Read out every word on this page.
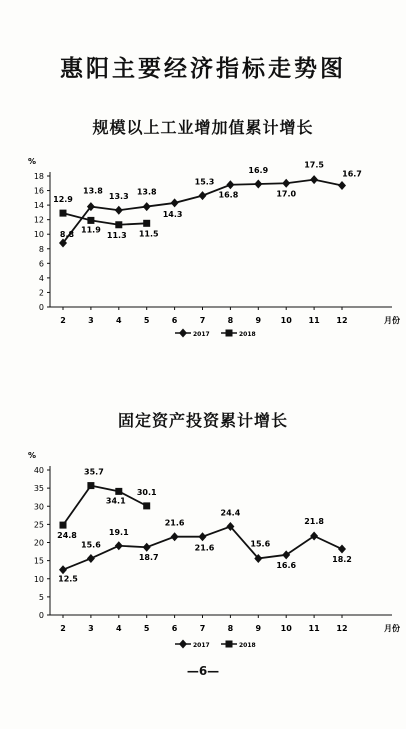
惠阳主要经济指标走势图
规模以上工业增加值累计增长
%
0
2
4
6
8
10
12
14
16
18
2	3	4	5	6	7	8	9 10 11 12	月份
8.8
13.8
13.3
13.8
14.3
15.3
16.8
16.9
17.0
17.5
16.7
12.9
11.9
11.3 11.5
2017	2018
固定资产投资累计增长
%
0
5
10
15
20
25
30
35
40
2	3	4	5	6	7	8	9 10 11 12	月份
12.5
15.6
19.1
18.7
21.6
21.6
24.4
15.6
16.6
21.8
18.2
24.8
35.7
34.1
30.1
2017	2018
—6—
